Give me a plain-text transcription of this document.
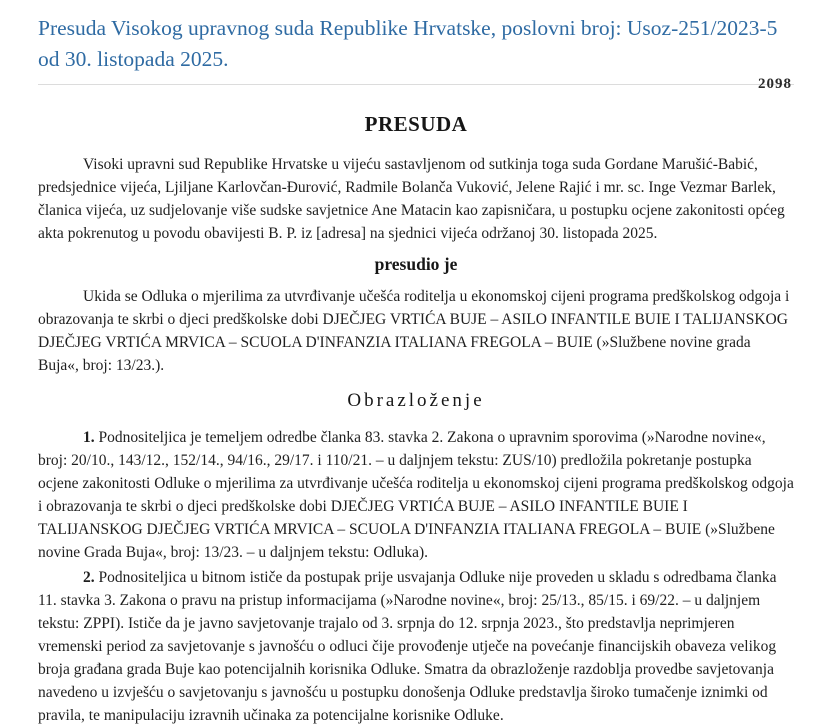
Presuda Visokog upravnog suda Republike Hrvatske, poslovni broj: Usoz-251/2023-5 od 30. listopada 2025.
2098
PRESUDA

Visoki upravni sud Republike Hrvatske u vijeću sastavljenom od sutkinja toga suda Gordane Marušić-Babić, predsjednice vijeća, Ljiljane Karlovčan-Đurović, Radmile Bolanča Vuković, Jelene Rajić i mr. sc. Inge Vezmar Barlek, članica vijeća, uz sudjelovanje više sudske savjetnice Ane Matacin kao zapisničara, u postupku ocjene zakonitosti općeg akta pokrenutog u povodu obavijesti B. P. iz [adresa] na sjednici vijeća održanoj 30. listopada 2025.

presudio je

Ukida se Odluka o mjerilima za utvrđivanje učešća roditelja u ekonomskoj cijeni programa predškolskog odgoja i obrazovanja te skrbi o djeci predškolske dobi DJEČJEG VRTIĆA BUJE – ASILO INFANTILE BUIE I TALIJANSKOG DJEČJEG VRTIĆA MRVICA – SCUOLA D'INFANZIA ITALIANA FREGOLA – BUIE (»Službene novine grada Buja«, broj: 13/23.).

Obrazloženje

1. Podnositeljica je temeljem odredbe članka 83. stavka 2. Zakona o upravnim sporovima (»Narodne novine«, broj: 20/10., 143/12., 152/14., 94/16., 29/17. i 110/21. – u daljnjem tekstu: ZUS/10) predložila pokretanje postupka ocjene zakonitosti Odluke o mjerilima za utvrđivanje učešća roditelja u ekonomskoj cijeni programa predškolskog odgoja i obrazovanja te skrbi o djeci predškolske dobi DJEČJEG VRTIĆA BUJE – ASILO INFANTILE BUIE I TALIJANSKOG DJEČJEG VRTIĆA MRVICA – SCUOLA D'INFANZIA ITALIANA FREGOLA – BUIE (»Službene novine Grada Buja«, broj: 13/23. – u daljnjem tekstu: Odluka).

2. Podnositeljica u bitnom ističe da postupak prije usvajanja Odluke nije proveden u skladu s odredbama članka 11. stavka 3. Zakona o pravu na pristup informacijama (»Narodne novine«, broj: 25/13., 85/15. i 69/22. – u daljnjem tekstu: ZPPI). Ističe da je javno savjetovanje trajalo od 3. srpnja do 12. srpnja 2023., što predstavlja neprimjeren vremenski period za savjetovanje s javnošću o odluci čije provođenje utječe na povećanje financijskih obaveza velikog broja građana grada Buje kao potencijalnih korisnika Odluke. Smatra da obrazloženje razdoblja provedbe savjetovanja navedeno u izvješću o savjetovanju s javnošću u postupku donošenja Odluke predstavlja široko tumačenje iznimki od pravila, te manipulaciju izravnih učinaka za potencijalne korisnike Odluke.
